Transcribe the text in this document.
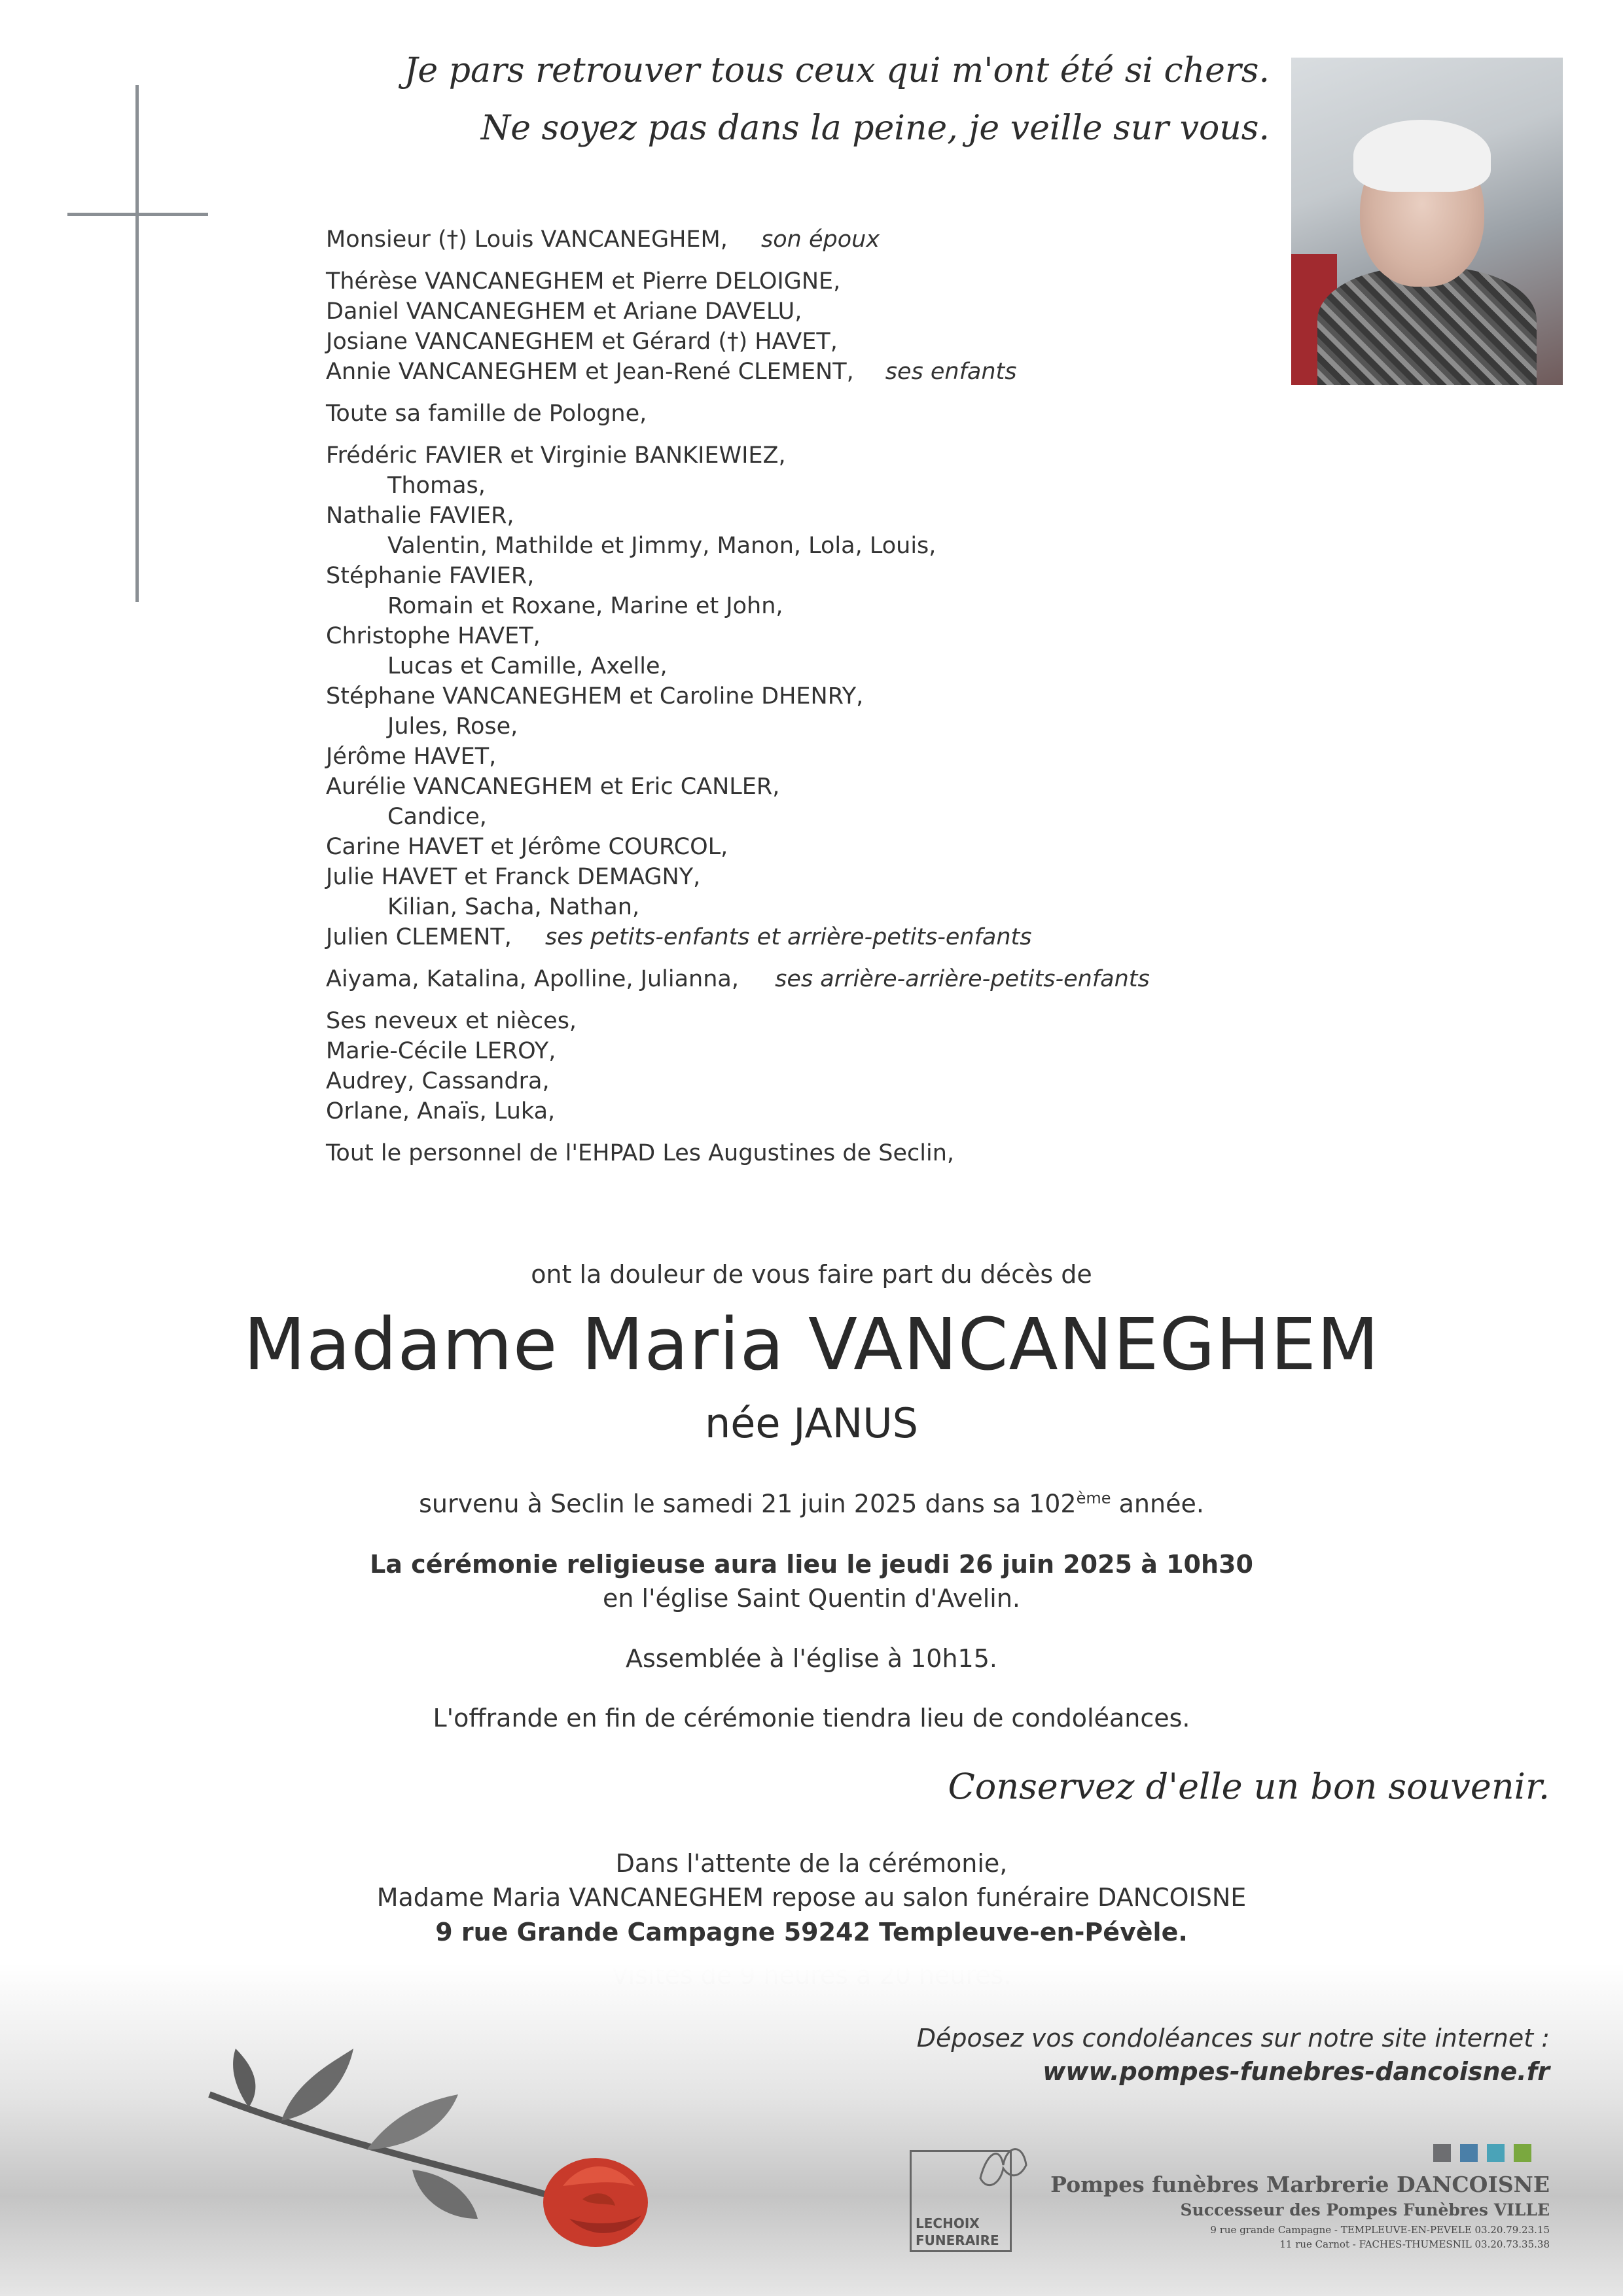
Je pars retrouver tous ceux qui m'ont été si chers.
Ne soyez pas dans la peine, je veille sur vous.
Monsieur (†) Louis VANCANEGHEM, son époux
Thérèse VANCANEGHEM et Pierre DELOIGNE,
Daniel VANCANEGHEM et Ariane DAVELU,
Josiane VANCANEGHEM et Gérard (†) HAVET,
Annie VANCANEGHEM et Jean-René CLEMENT, ses enfants
Toute sa famille de Pologne,
Frédéric FAVIER et Virginie BANKIEWIEZ,
Thomas,
Nathalie FAVIER,
Valentin, Mathilde et Jimmy, Manon, Lola, Louis,
Stéphanie FAVIER,
Romain et Roxane, Marine et John,
Christophe HAVET,
Lucas et Camille, Axelle,
Stéphane VANCANEGHEM et Caroline DHENRY,
Jules, Rose,
Jérôme HAVET,
Aurélie VANCANEGHEM et Eric CANLER,
Candice,
Carine HAVET et Jérôme COURCOL,
Julie HAVET et Franck DEMAGNY,
Kilian, Sacha, Nathan,
Julien CLEMENT, ses petits-enfants et arrière-petits-enfants
Aiyama, Katalina, Apolline, Julianna, ses arrière-arrière-petits-enfants
Ses neveux et nièces,
Marie-Cécile LEROY,
Audrey, Cassandra,
Orlane, Anaïs, Luka,
Tout le personnel de l'EHPAD Les Augustines de Seclin,
ont la douleur de vous faire part du décès de
Madame Maria VANCANEGHEM
née JANUS
survenu à Seclin le samedi 21 juin 2025 dans sa 102ème année.
La cérémonie religieuse aura lieu le jeudi 26 juin 2025 à 10h30
en l'église Saint Quentin d'Avelin.
Assemblée à l'église à 10h15.
L'offrande en fin de cérémonie tiendra lieu de condoléances.
Conservez d'elle un bon souvenir.
Dans l'attente de la cérémonie,
Madame Maria VANCANEGHEM repose au salon funéraire DANCOISNE
9 rue Grande Campagne 59242 Templeuve-en-Pévèle.
Déposez vos condoléances sur notre site internet :
www.pompes-funebres-dancoisne.fr
LECHOIX
FUNERAIRE
Pompes funèbres Marbrerie DANCOISNE
Successeur des Pompes Funèbres VILLE
9 rue grande Campagne - TEMPLEUVE-EN-PEVELE 03.20.79.23.15
11 rue Carnot - FACHES-THUMESNIL 03.20.73.35.38
